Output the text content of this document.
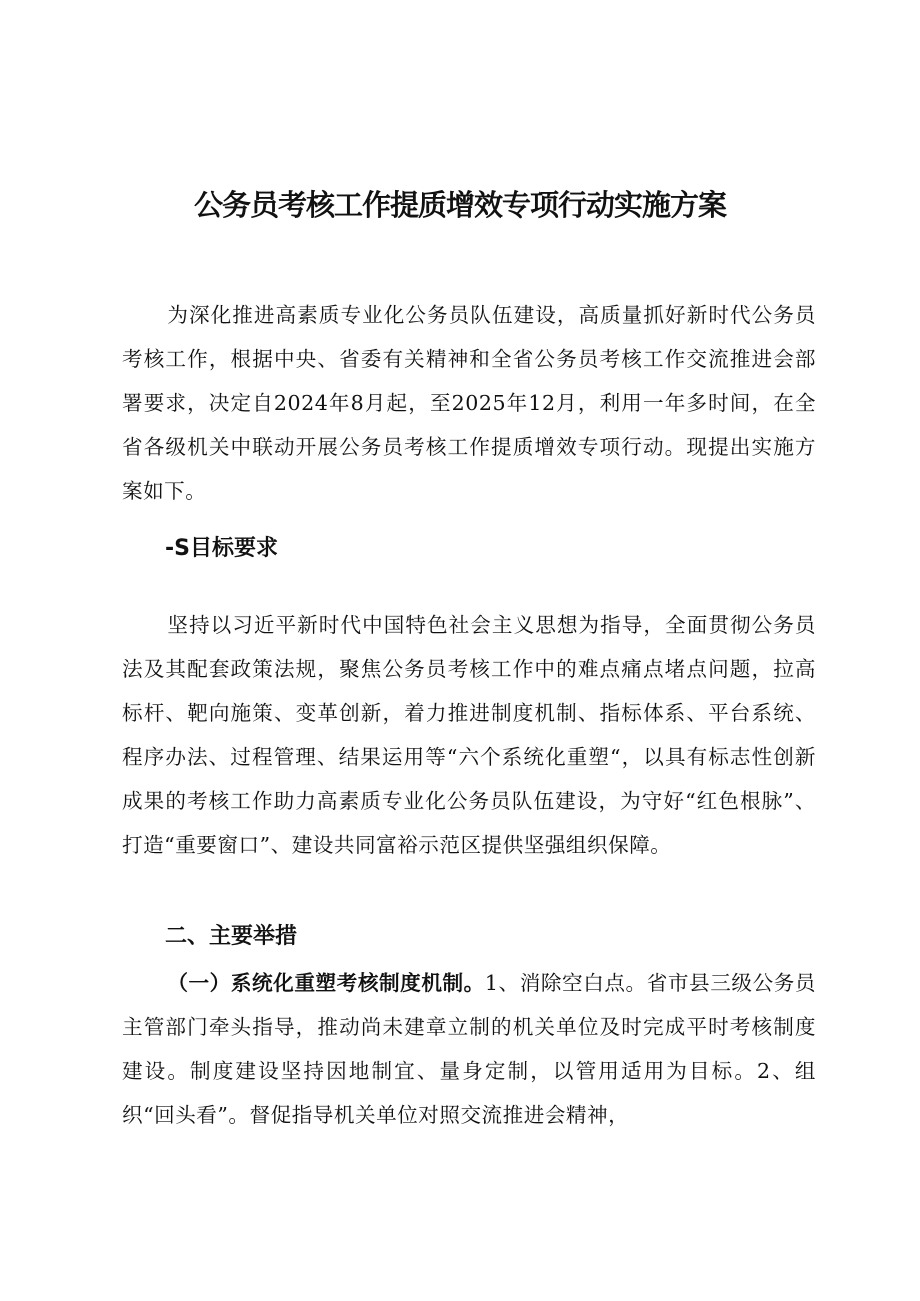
公务员考核工作提质增效专项行动实施方案

为深化推进高素质专业化公务员队伍建设，高质量抓好新时代公务员考核工作，根据中央、省委有关精神和全省公务员考核工作交流推进会部署要求，决定自2024年8月起，至2025年12月，利用一年多时间，在全省各级机关中联动开展公务员考核工作提质增效专项行动。现提出实施方案如下。

-S目标要求

坚持以习近平新时代中国特色社会主义思想为指导，全面贯彻公务员法及其配套政策法规，聚焦公务员考核工作中的难点痛点堵点问题，拉高标杆、靶向施策、变革创新，着力推进制度机制、指标体系、平台系统、程序办法、过程管理、结果运用等“六个系统化重塑“，以具有标志性创新成果的考核工作助力高素质专业化公务员队伍建设，为守好“红色根脉”、打造“重要窗口”、建设共同富裕示范区提供坚强组织保障。

二、主要举措

（一）系统化重塑考核制度机制。1、消除空白点。省市县三级公务员主管部门牵头指导，推动尚未建章立制的机关单位及时完成平时考核制度建设。制度建设坚持因地制宜、量身定制，以管用适用为目标。2、组织“回头看”。督促指导机关单位对照交流推进会精神，
